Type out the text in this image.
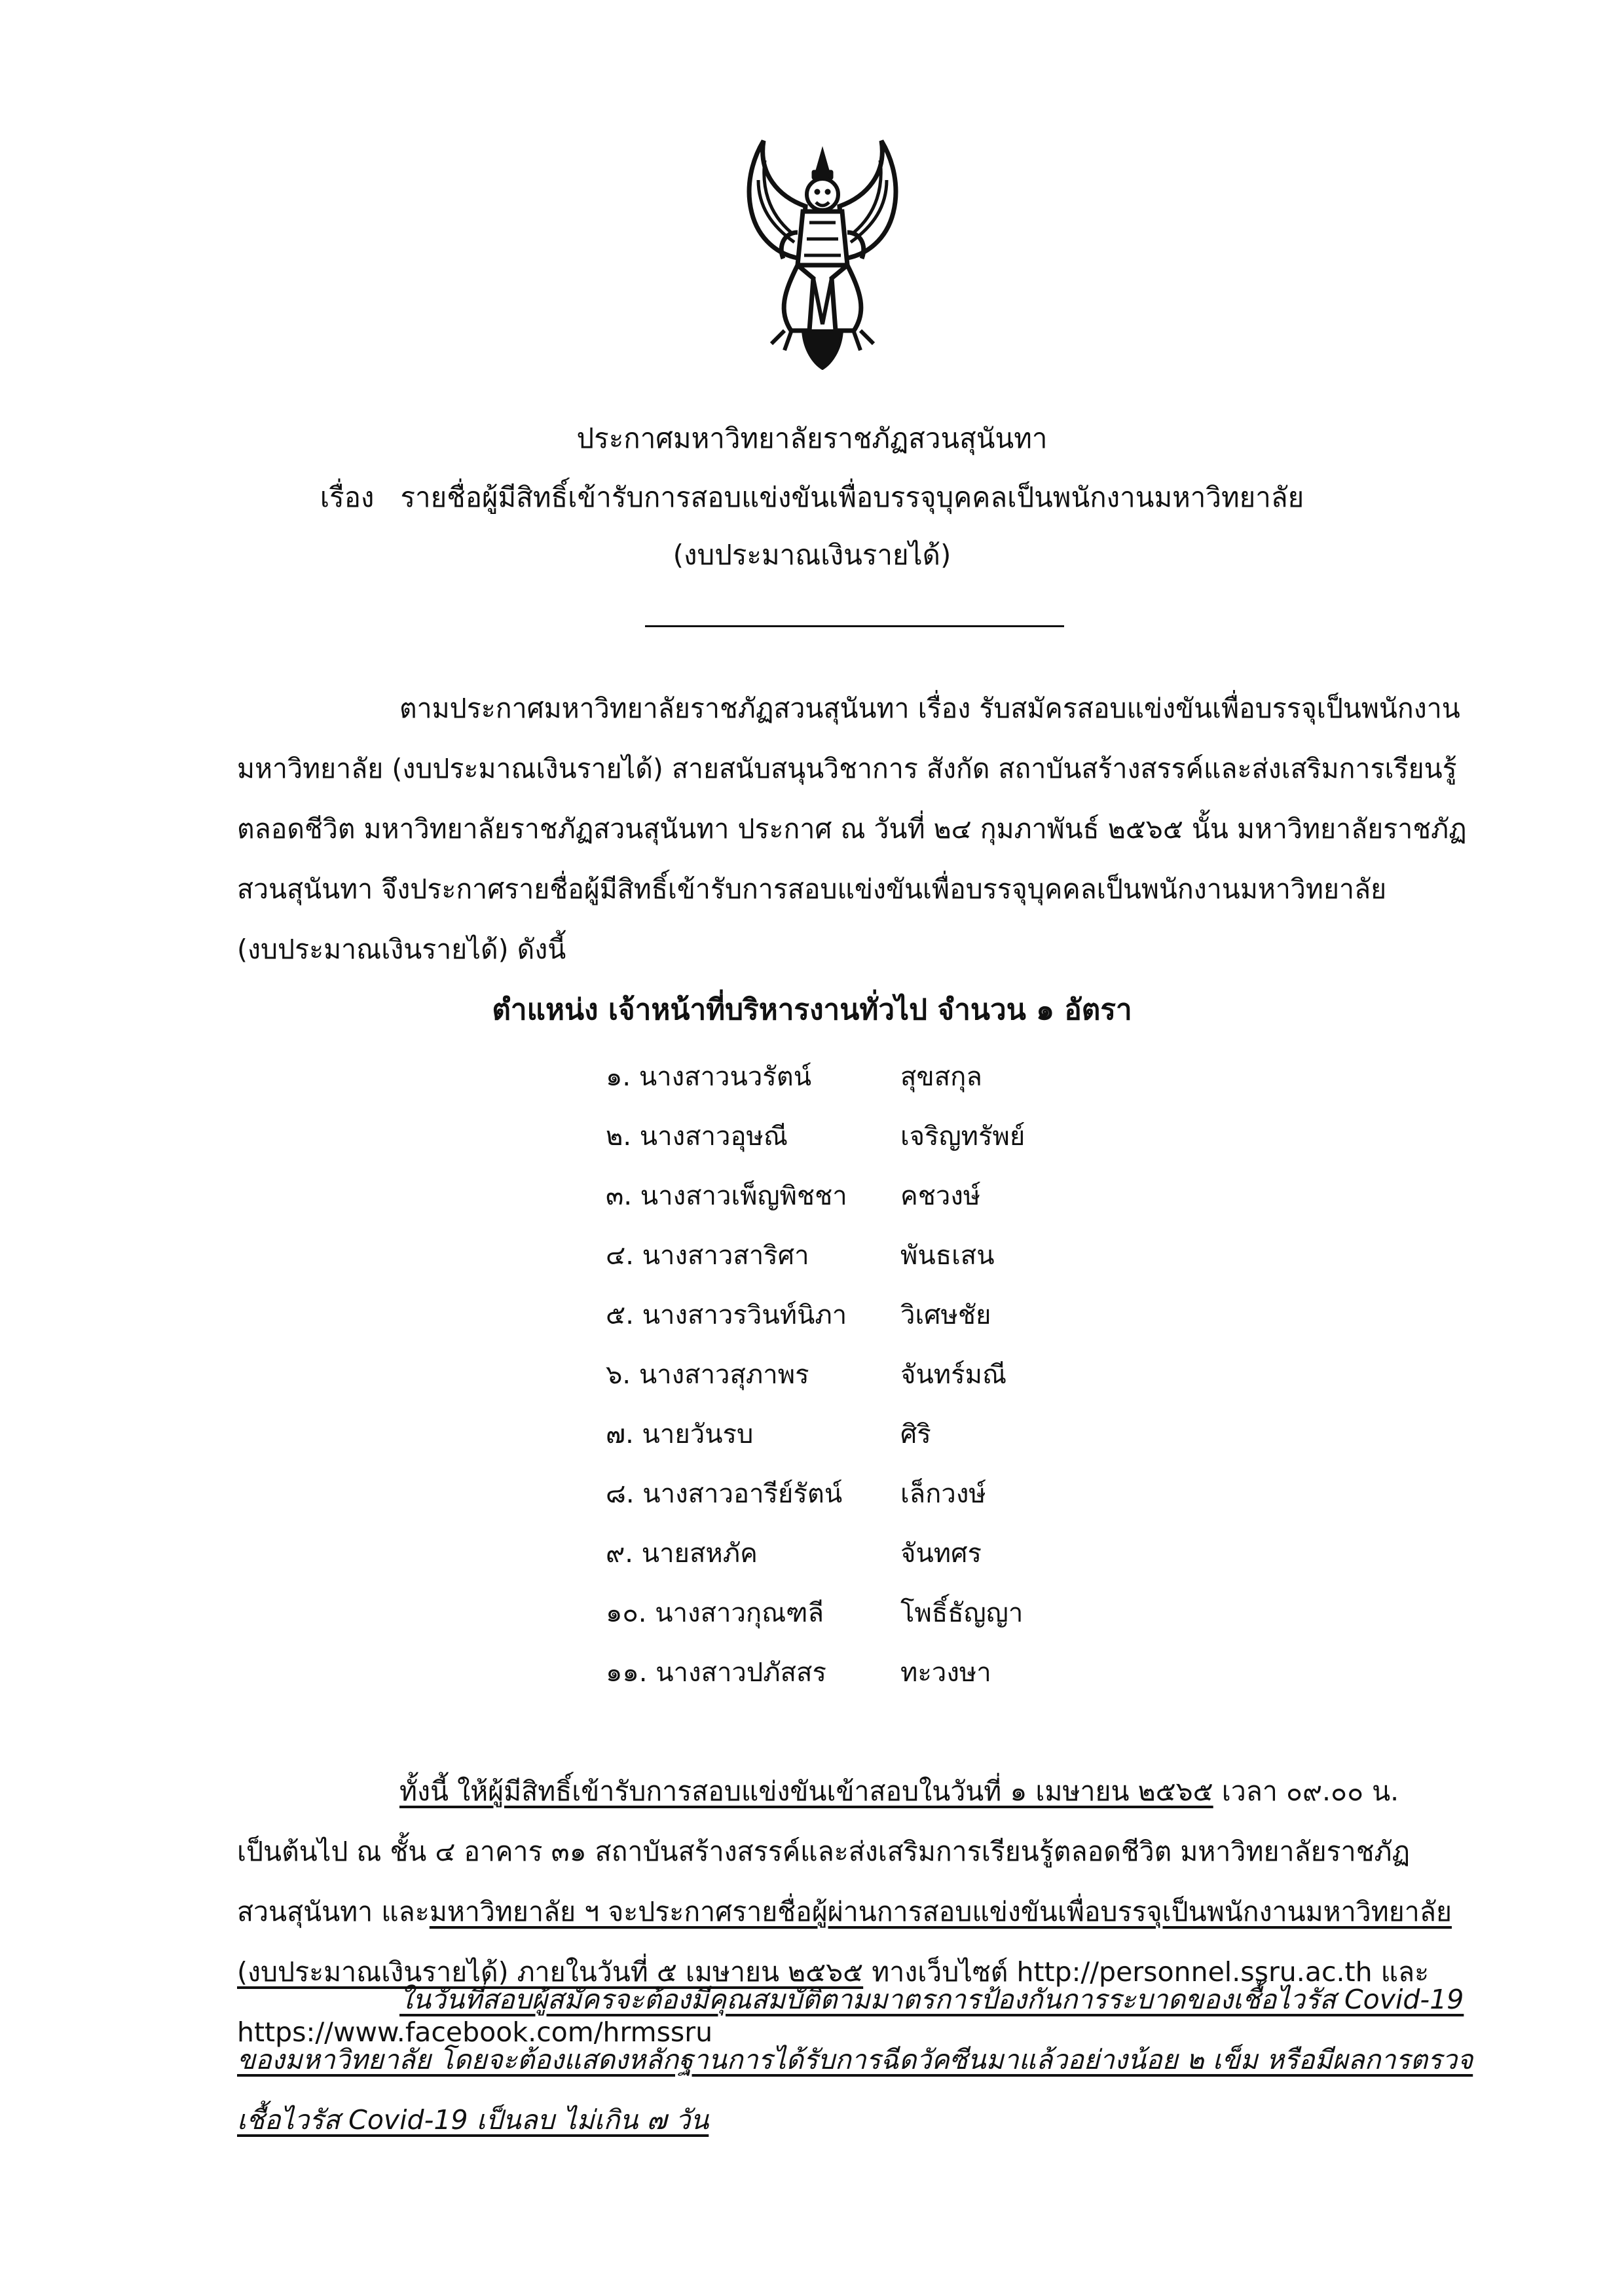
ประกาศมหาวิทยาลัยราชภัฏสวนสุนันทา
เรื่อง รายชื่อผู้มีสิทธิ์เข้ารับการสอบแข่งขันเพื่อบรรจุบุคคลเป็นพนักงานมหาวิทยาลัย
(งบประมาณเงินรายได้)
ตามประกาศมหาวิทยาลัยราชภัฏสวนสุนันทา เรื่อง รับสมัครสอบแข่งขันเพื่อบรรจุเป็นพนักงาน
มหาวิทยาลัย (งบประมาณเงินรายได้) สายสนับสนุนวิชาการ สังกัด สถาบันสร้างสรรค์และส่งเสริมการเรียนรู้
ตลอดชีวิต มหาวิทยาลัยราชภัฏสวนสุนันทา ประกาศ ณ วันที่ ๒๔ กุมภาพันธ์ ๒๕๖๕ นั้น มหาวิทยาลัยราชภัฏ
สวนสุนันทา จึงประกาศรายชื่อผู้มีสิทธิ์เข้ารับการสอบแข่งขันเพื่อบรรจุบุคคลเป็นพนักงานมหาวิทยาลัย
(งบประมาณเงินรายได้) ดังนี้
ตำแหน่ง เจ้าหน้าที่บริหารงานทั่วไป จำนวน ๑ อัตรา
๑. นางสาวนวรัตน์	สุขสกุล
๒. นางสาวอุษณี	เจริญทรัพย์
๓. นางสาวเพ็ญพิชชา คชวงษ์
๔. นางสาวสาริศา	พันธเสน
๕. นางสาวรวินท์นิภา วิเศษชัย
๖. นางสาวสุภาพร	จันทร์มณี
๗. นายวันรบ	ศิริ
๘. นางสาวอารีย์รัตน์ เล็กวงษ์
๙. นายสหภัค	จันทศร
๑๐. นางสาวกุณฑลี	โพธิ์ธัญญา
๑๑. นางสาวปภัสสร	ทะวงษา
ทั้งนี้ ให้ผู้มีสิทธิ์เข้ารับการสอบแข่งขันเข้าสอบในวันที่ ๑ เมษายน ๒๕๖๕ เวลา ๐๙.๐๐ น.
เป็นต้นไป ณ ชั้น ๔ อาคาร ๓๑ สถาบันสร้างสรรค์และส่งเสริมการเรียนรู้ตลอดชีวิต มหาวิทยาลัยราชภัฏ
สวนสุนันทา และมหาวิทยาลัย ฯ จะประกาศรายชื่อผู้ผ่านการสอบแข่งขันเพื่อบรรจุเป็นพนักงานมหาวิทยาลัย
(งบประมาณเงินรายได้) ภายในวันที่ ๕ เมษายน ๒๕๖๕ ทางเว็บไซต์ http://personnel.ssru.ac.th และ
https://www.facebook.com/hrmssru
ในวันที่สอบผู้สมัครจะต้องมีคุณสมบัติตามมาตรการป้องกันการระบาดของเชื้อไวรัส Covid-19
ของมหาวิทยาลัย โดยจะต้องแสดงหลักฐานการได้รับการฉีดวัคซีนมาแล้วอย่างน้อย ๒ เข็ม หรือมีผลการตรวจ
เชื้อไวรัส Covid-19 เป็นลบ ไม่เกิน ๗ วัน
